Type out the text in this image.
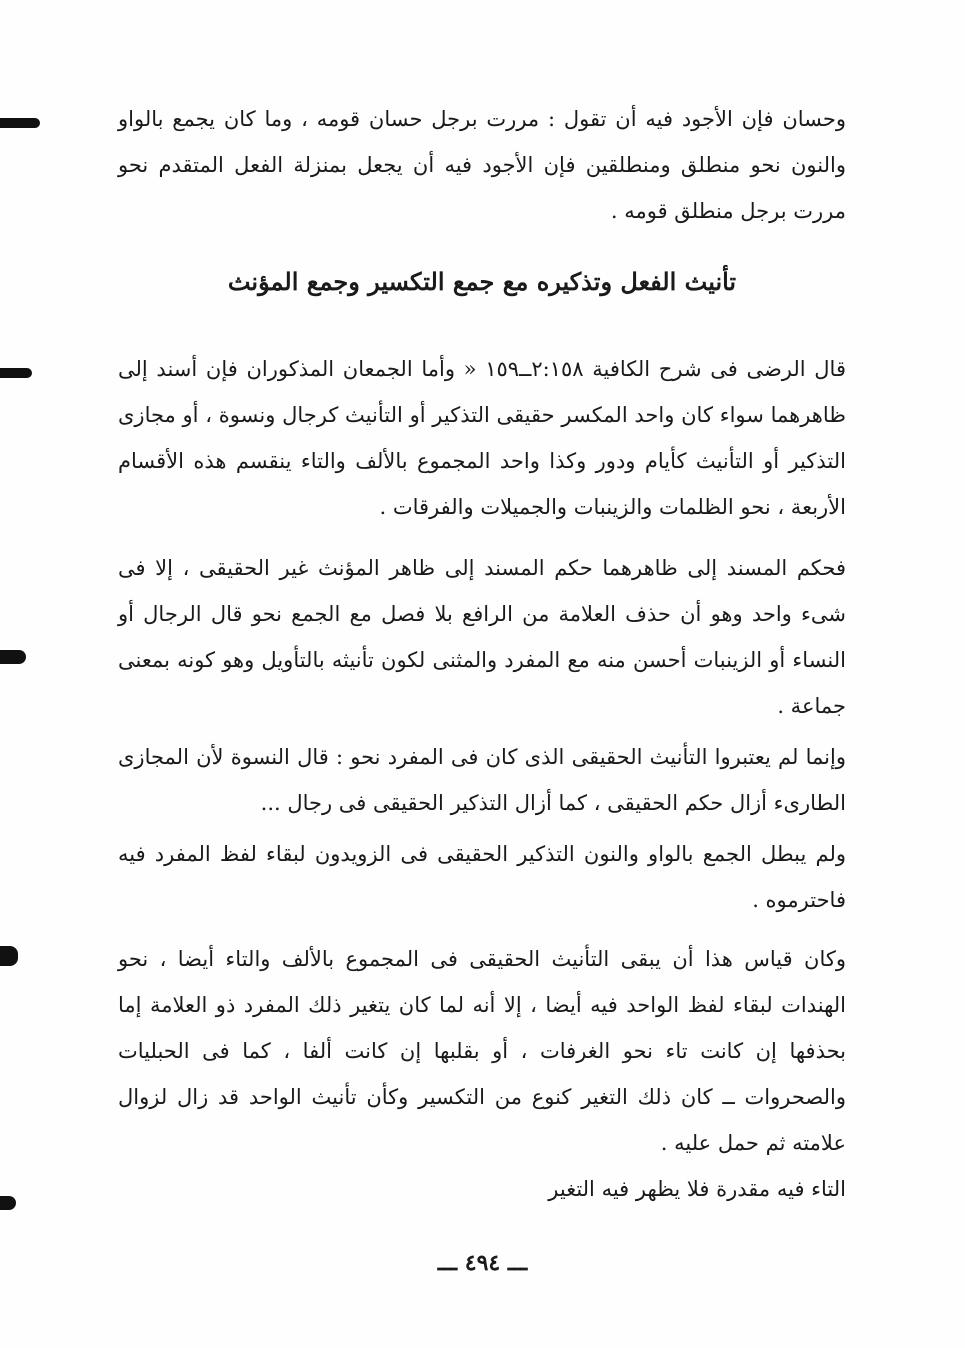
وحسان فإن الأجود فيه أن تقول : مررت برجل حسان قومه ، وما كان يجمع بالواو والنون نحو منطلق ومنطلقين فإن الأجود فيه أن يجعل بمنزلة الفعل المتقدم نحو مررت برجل منطلق قومه .

تأنيث الفعل وتذكيره مع جمع التكسير وجمع المؤنث

قال الرضى فى شرح الكافية ٢:١٥٨ــ١٥٩ « وأما الجمعان المذكوران فإن أسند إلى ظاهرهما سواء كان واحد المكسر حقيقى التذكير أو التأنيث كرجال ونسوة ، أو مجازى التذكير أو التأنيث كأيام ودور وكذا واحد المجموع بالألف والتاء ينقسم هذه الأقسام الأربعة ، نحو الظلمات والزينبات والجميلات والفرقات .

فحكم المسند إلى ظاهرهما حكم المسند إلى ظاهر المؤنث غير الحقيقى ، إلا فى شىء واحد وهو أن حذف العلامة من الرافع بلا فصل مع الجمع نحو قال الرجال أو النساء أو الزينبات أحسن منه مع المفرد والمثنى لكون تأنيثه بالتأويل وهو كونه بمعنى جماعة .

وإنما لم يعتبروا التأنيث الحقيقى الذى كان فى المفرد نحو : قال النسوة لأن المجازى الطارىء أزال حكم الحقيقى ، كما أزال التذكير الحقيقى فى رجال ...

ولم يبطل الجمع بالواو والنون التذكير الحقيقى فى الزويدون لبقاء لفظ المفرد فيه فاحترموه .

وكان قياس هذا أن يبقى التأنيث الحقيقى فى المجموع بالألف والتاء أيضا ، نحو الهندات لبقاء لفظ الواحد فيه أيضا ، إلا أنه لما كان يتغير ذلك المفرد ذو العلامة إما بحذفها إن كانت تاء نحو الغرفات ، أو بقلبها إن كانت ألفا ، كما فى الحبليات والصحروات ــ كان ذلك التغير كنوع من التكسير وكأن تأنيث الواحد قد زال لزوال علامته ثم حمل عليه .

التاء فيه مقدرة فلا يظهر فيه التغير

ـــ ٤٩٤ ـــ
